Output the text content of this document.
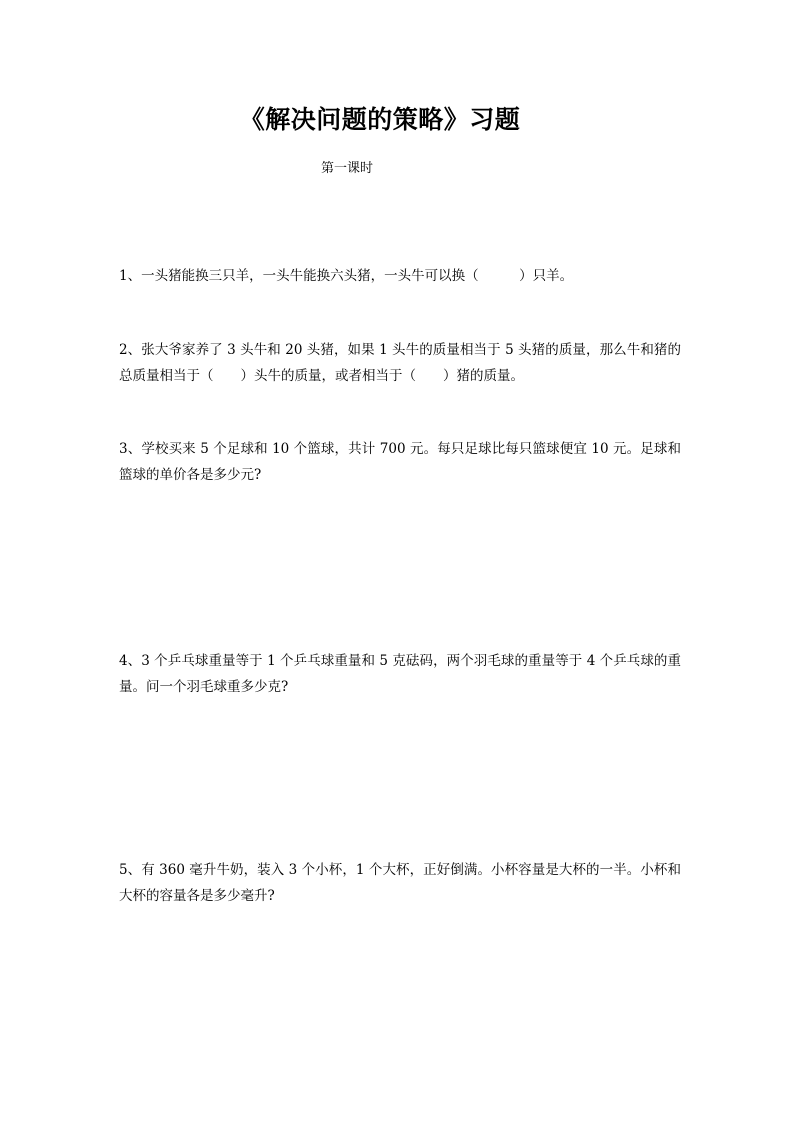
《解决问题的策略》习题
第一课时
1、一头猪能换三只羊，一头牛能换六头猪，一头牛可以换（　　　）只羊。
2、张大爷家养了 3 头牛和 20 头猪，如果 1 头牛的质量相当于 5 头猪的质量，那么牛和猪的总质量相当于（　　）头牛的质量，或者相当于（　　）猪的质量。
3、学校买来 5 个足球和 10 个篮球，共计 700 元。每只足球比每只篮球便宜 10 元。足球和篮球的单价各是多少元?
4、3 个乒乓球重量等于 1 个乒乓球重量和 5 克砝码，两个羽毛球的重量等于 4 个乒乓球的重量。问一个羽毛球重多少克?
5、有 360 毫升牛奶，装入 3 个小杯，1 个大杯，正好倒满。小杯容量是大杯的一半。小杯和大杯的容量各是多少毫升?
